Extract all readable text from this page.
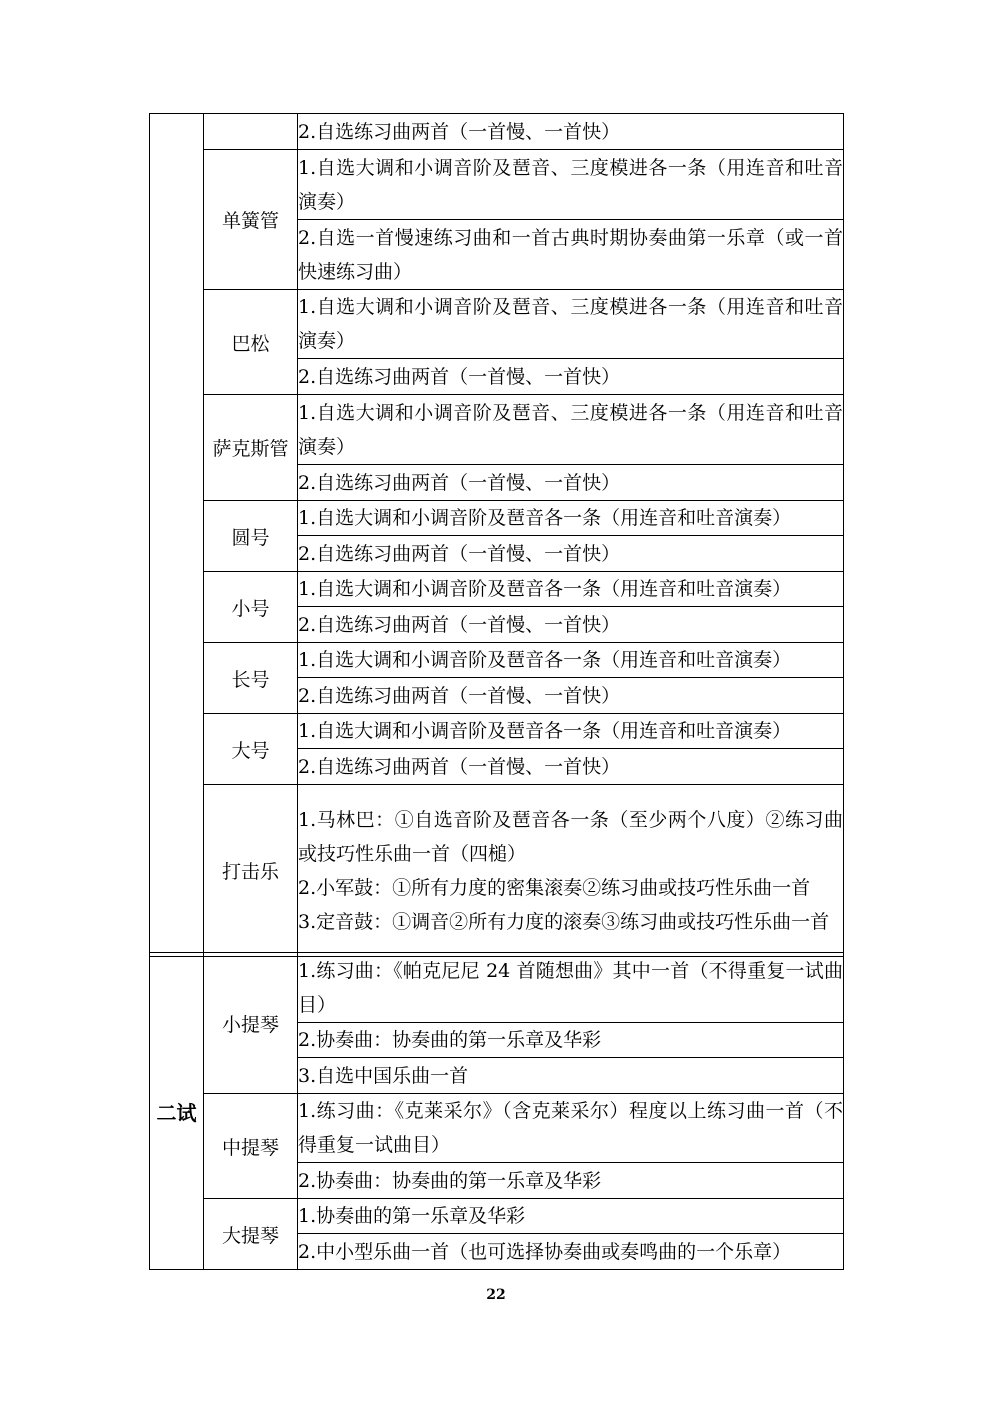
		2.自选练习曲两首（一首慢、一首快）
	单簧管	1.自选大调和小调音阶及琶音、三度模进各一条（用连音和吐音演奏）
		2.自选一首慢速练习曲和一首古典时期协奏曲第一乐章（或一首快速练习曲）
	巴松	1.自选大调和小调音阶及琶音、三度模进各一条（用连音和吐音演奏）
		2.自选练习曲两首（一首慢、一首快）
	萨克斯管	1.自选大调和小调音阶及琶音、三度模进各一条（用连音和吐音演奏）
		2.自选练习曲两首（一首慢、一首快）
	圆号	1.自选大调和小调音阶及琶音各一条（用连音和吐音演奏）
		2.自选练习曲两首（一首慢、一首快）
	小号	1.自选大调和小调音阶及琶音各一条（用连音和吐音演奏）
		2.自选练习曲两首（一首慢、一首快）
	长号	1.自选大调和小调音阶及琶音各一条（用连音和吐音演奏）
		2.自选练习曲两首（一首慢、一首快）
	大号	1.自选大调和小调音阶及琶音各一条（用连音和吐音演奏）
		2.自选练习曲两首（一首慢、一首快）
	打击乐	1.马林巴：①自选音阶及琶音各一条（至少两个八度）②练习曲或技巧性乐曲一首（四槌）
2.小军鼓：①所有力度的密集滚奏②练习曲或技巧性乐曲一首
3.定音鼓：①调音②所有力度的滚奏③练习曲或技巧性乐曲一首
二试	小提琴	1.练习曲：《帕克尼尼 24 首随想曲》其中一首（不得重复一试曲目）
		2.协奏曲：协奏曲的第一乐章及华彩
		3.自选中国乐曲一首
	中提琴	1.练习曲：《克莱采尔》（含克莱采尔）程度以上练习曲一首（不得重复一试曲目）
		2.协奏曲：协奏曲的第一乐章及华彩
	大提琴	1.协奏曲的第一乐章及华彩
		2.中小型乐曲一首（也可选择协奏曲或奏鸣曲的一个乐章）
22
